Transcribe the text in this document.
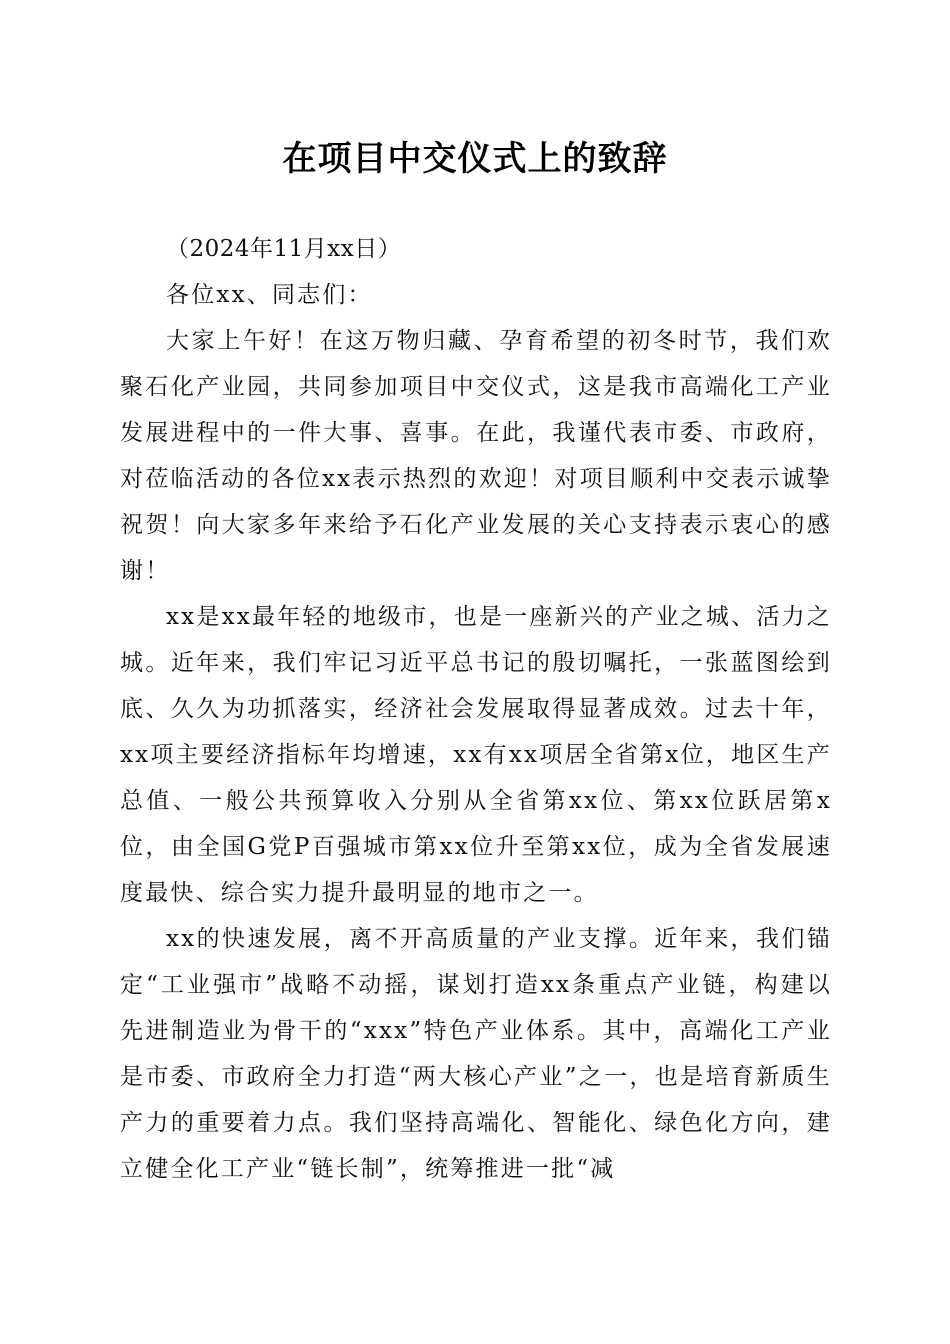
在项目中交仪式上的致辞

（2024年11月xx日）

各位xx、同志们：

大家上午好！在这万物归藏、孕育希望的初冬时节，我们欢聚石化产业园，共同参加项目中交仪式，这是我市高端化工产业发展进程中的一件大事、喜事。在此，我谨代表市委、市政府，对莅临活动的各位xx表示热烈的欢迎！对项目顺利中交表示诚挚祝贺！向大家多年来给予石化产业发展的关心支持表示衷心的感谢！

xx是xx最年轻的地级市，也是一座新兴的产业之城、活力之城。近年来，我们牢记习近平总书记的殷切嘱托，一张蓝图绘到底、久久为功抓落实，经济社会发展取得显著成效。过去十年，xx项主要经济指标年均增速，xx有xx项居全省第x位，地区生产总值、一般公共预算收入分别从全省第xx位、第xx位跃居第x位，由全国G党P百强城市第xx位升至第xx位，成为全省发展速度最快、综合实力提升最明显的地市之一。

xx的快速发展，离不开高质量的产业支撑。近年来，我们锚定“工业强市”战略不动摇，谋划打造xx条重点产业链，构建以先进制造业为骨干的“xxx”特色产业体系。其中，高端化工产业是市委、市政府全力打造“两大核心产业”之一，也是培育新质生产力的重要着力点。我们坚持高端化、智能化、绿色化方向，建立健全化工产业“链长制”，统筹推进一批“减
